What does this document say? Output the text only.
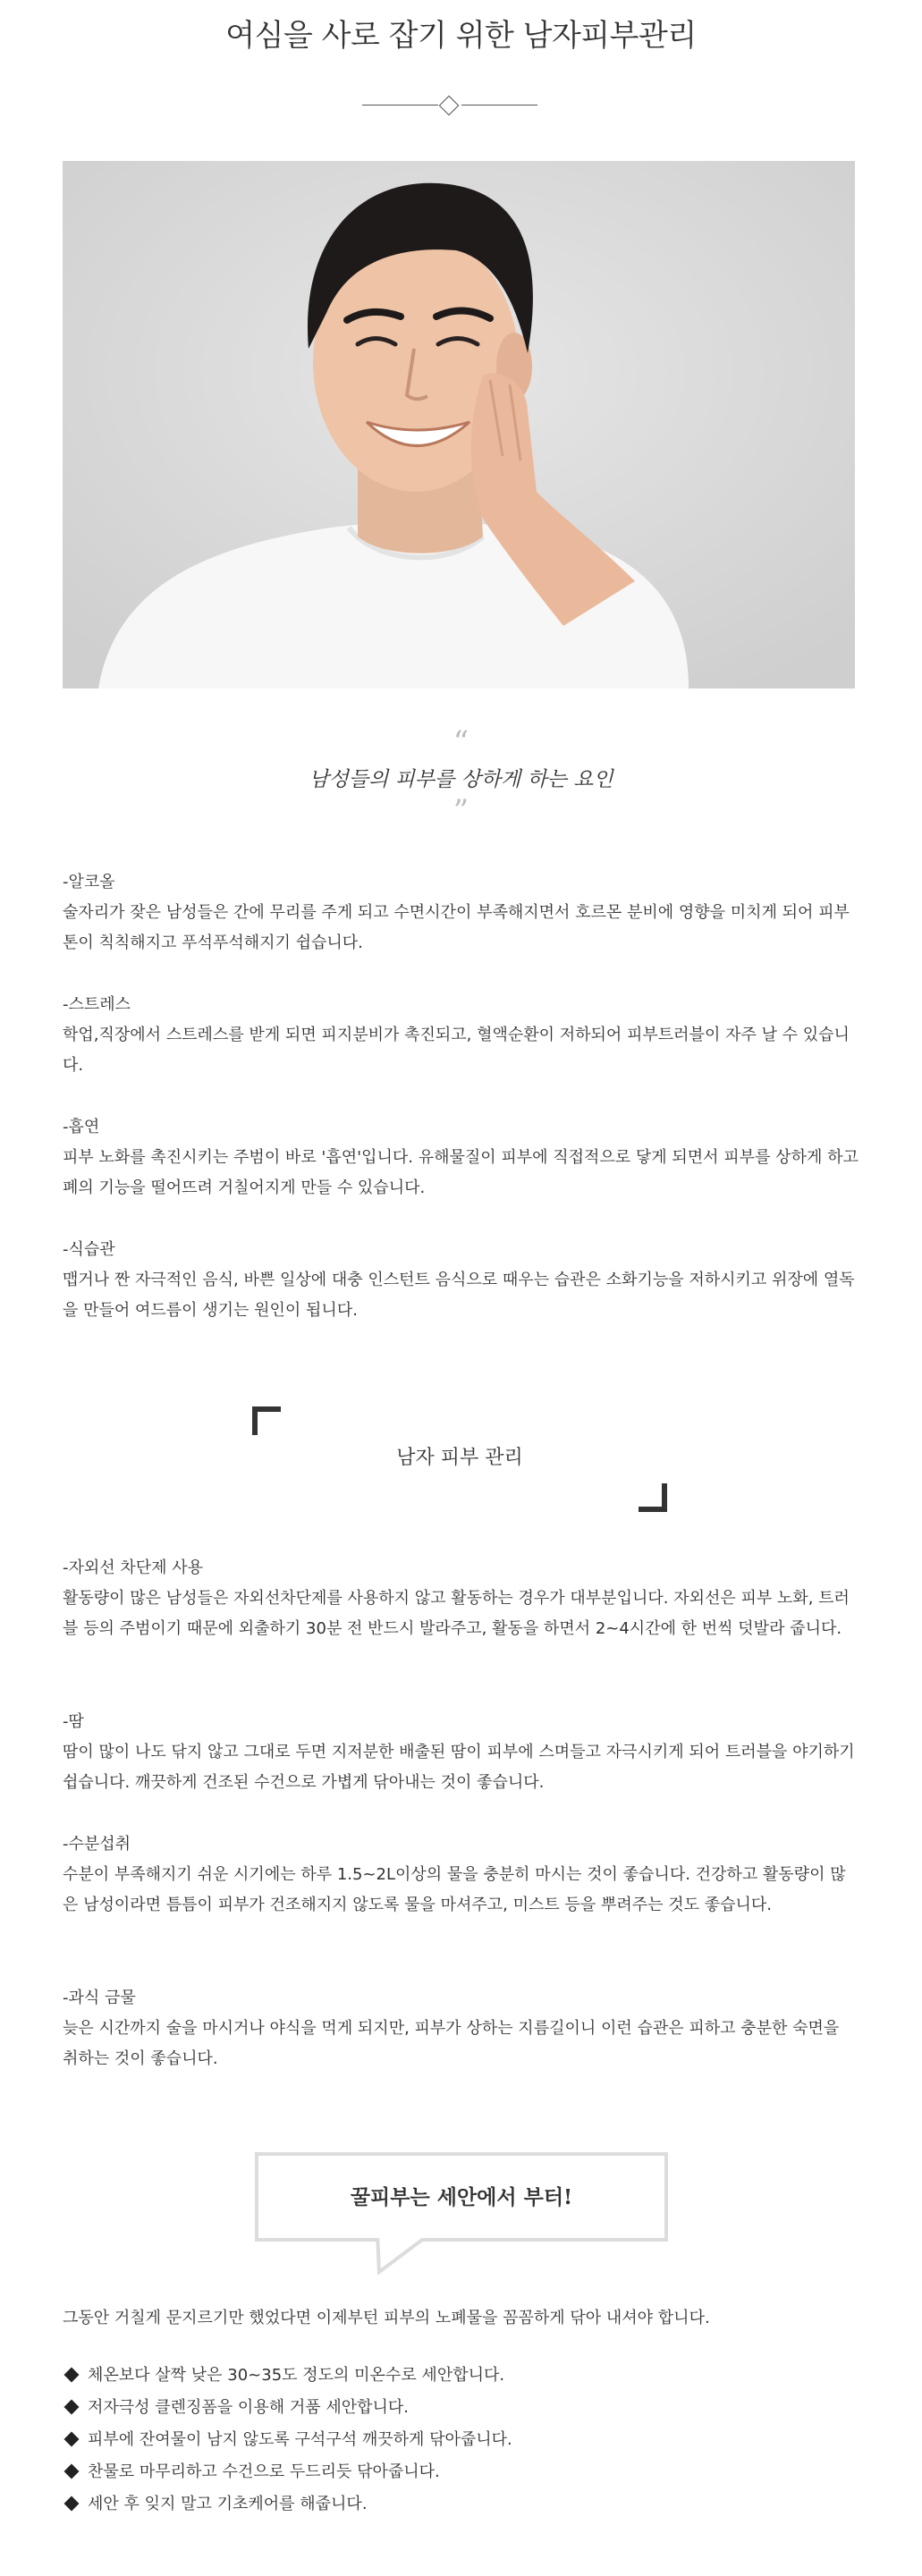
여심을 사로 잡기 위한 남자피부관리
“
남성들의 피부를 상하게 하는 요인
”
-알코올
술자리가 잦은 남성들은 간에 무리를 주게 되고 수면시간이 부족해지면서 호르몬 분비에 영향을 미치게 되어 피부 톤이 칙칙해지고 푸석푸석해지기 쉽습니다.
-스트레스
학업,직장에서 스트레스를 받게 되면 피지분비가 촉진되고, 혈액순환이 저하되어 피부트러블이 자주 날 수 있습니다.
-흡연
피부 노화를 촉진시키는 주범이 바로 '흡연'입니다. 유해물질이 피부에 직접적으로 닿게 되면서 피부를 상하게 하고 폐의 기능을 떨어뜨려 거칠어지게 만들 수 있습니다.
-식습관
맵거나 짠 자극적인 음식, 바쁜 일상에 대충 인스턴트 음식으로 때우는 습관은 소화기능을 저하시키고 위장에 열독을 만들어 여드름이 생기는 원인이 됩니다.
남자 피부 관리
-자외선 차단제 사용
활동량이 많은 남성들은 자외선차단제를 사용하지 않고 활동하는 경우가 대부분입니다. 자외선은 피부 노화, 트러블 등의 주범이기 때문에 외출하기 30분 전 반드시 발라주고, 활동을 하면서 2~4시간에 한 번씩 덧발라 줍니다.
-땀
땀이 많이 나도 닦지 않고 그대로 두면 지저분한 배출된 땀이 피부에 스며들고 자극시키게 되어 트러블을 야기하기 쉽습니다. 깨끗하게 건조된 수건으로 가볍게 닦아내는 것이 좋습니다.
-수분섭취
수분이 부족해지기 쉬운 시기에는 하루 1.5~2L이상의 물을 충분히 마시는 것이 좋습니다. 건강하고 활동량이 많은 남성이라면 틈틈이 피부가 건조해지지 않도록 물을 마셔주고, 미스트 등을 뿌려주는 것도 좋습니다.
-과식 금물
늦은 시간까지 술을 마시거나 야식을 먹게 되지만, 피부가 상하는 지름길이니 이런 습관은 피하고 충분한 숙면을 취하는 것이 좋습니다.
꿀피부는 세안에서 부터!
그동안 거칠게 문지르기만 했었다면 이제부턴 피부의 노폐물을 꼼꼼하게 닦아 내셔야 합니다.
체온보다 살짝 낮은 30~35도 정도의 미온수로 세안합니다.
저자극성 클렌징폼을 이용해 거품 세안합니다.
피부에 잔여물이 남지 않도록 구석구석 깨끗하게 닦아줍니다.
찬물로 마무리하고 수건으로 두드리듯 닦아줍니다.
세안 후 잊지 말고 기초케어를 해줍니다.
